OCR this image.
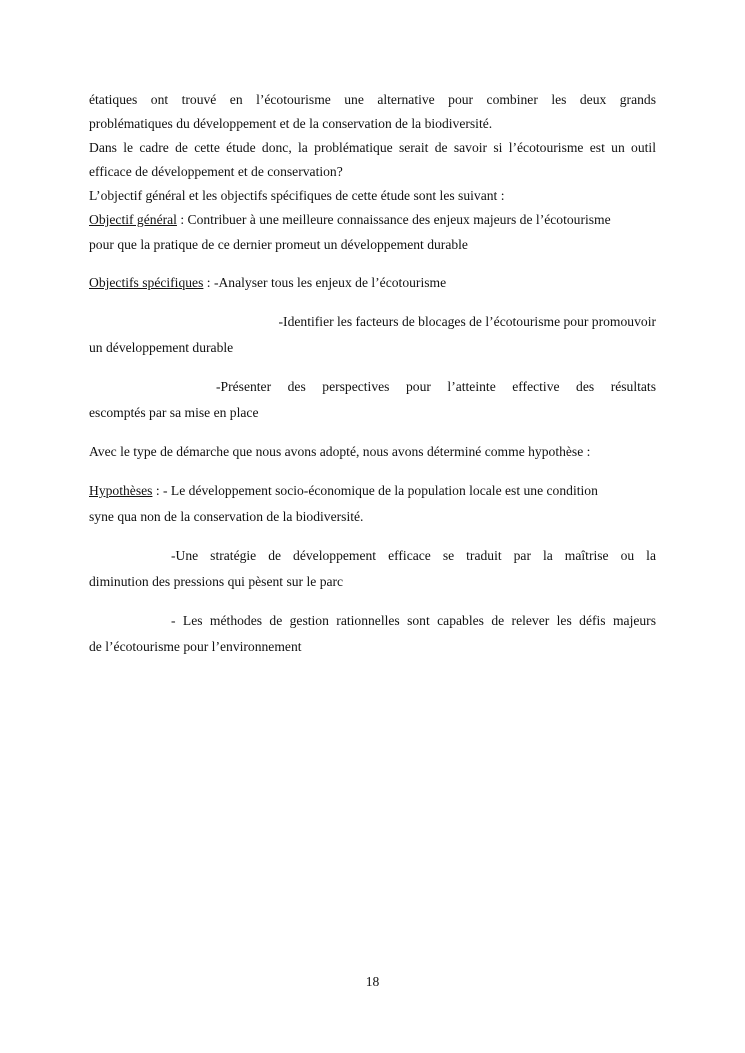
étatiques ont trouvé en l’écotourisme une alternative pour combiner les deux grands
problématiques du développement et de la conservation de la biodiversité.
Dans le cadre de cette étude donc, la problématique serait de savoir si l’écotourisme est un outil
efficace de développement et de conservation?
L’objectif général et les objectifs spécifiques de cette étude sont les suivant :
Objectif général : Contribuer à une meilleure connaissance des enjeux majeurs de l’écotourisme
pour que la pratique de ce dernier promeut un développement durable
Objectifs spécifiques : -Analyser tous les enjeux de l’écotourisme
-Identifier les facteurs de blocages de l’écotourisme pour promouvoir
un développement durable
-Présenter des perspectives pour l’atteinte effective des résultats
escomptés par sa mise en place
Avec le type de démarche que nous avons adopté, nous avons déterminé comme hypothèse :
Hypothèses : - Le développement socio-économique de la population locale est une condition
syne qua non de la conservation de la biodiversité.
-Une stratégie de développement efficace se traduit par la maîtrise ou la
diminution des pressions qui pèsent sur le parc
- Les méthodes de gestion rationnelles sont capables de relever les défis majeurs
de l’écotourisme pour l’environnement
18
